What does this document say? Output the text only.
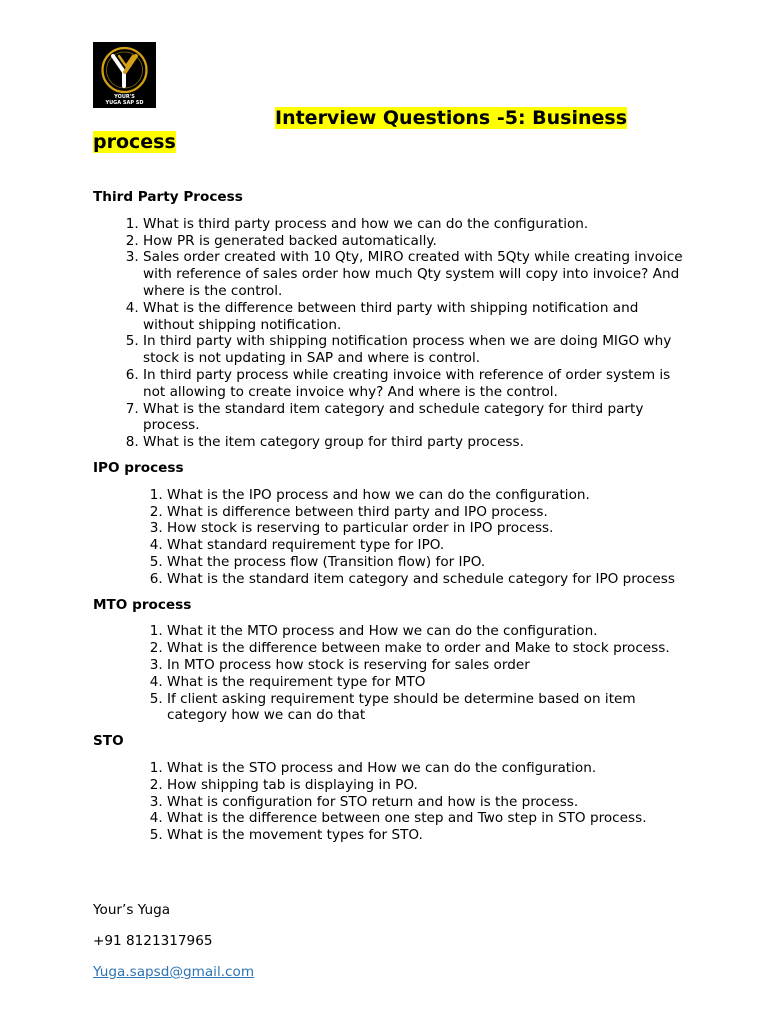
YOUR'S
YUGA SAP SD
Interview Questions -5: Business
process
Third Party Process
1. What is third party process and how we can do the configuration.
2. How PR is generated backed automatically.
3. Sales order created with 10 Qty, MIRO created with 5Qty while creating invoice with reference of sales order how much Qty system will copy into invoice? And where is the control.
4. What is the difference between third party with shipping notification and without shipping notification.
5. In third party with shipping notification process when we are doing MIGO why stock is not updating in SAP and where is control.
6. In third party process while creating invoice with reference of order system is not allowing to create invoice why? And where is the control.
7. What is the standard item category and schedule category for third party process.
8. What is the item category group for third party process.
IPO process
1. What is the IPO process and how we can do the configuration.
2. What is difference between third party and IPO process.
3. How stock is reserving to particular order in IPO process.
4. What standard requirement type for IPO.
5. What the process flow (Transition flow) for IPO.
6. What is the standard item category and schedule category for IPO process
MTO process
1. What it the MTO process and How we can do the configuration.
2. What is the difference between make to order and Make to stock process.
3. In MTO process how stock is reserving for sales order
4. What is the requirement type for MTO
5. If client asking requirement type should be determine based on item category how we can do that
STO
1. What is the STO process and How we can do the configuration.
2. How shipping tab is displaying in PO.
3. What is configuration for STO return and how is the process.
4. What is the difference between one step and Two step in STO process.
5. What is the movement types for STO.
Your’s Yuga
+91 8121317965
Yuga.sapsd@gmail.com
